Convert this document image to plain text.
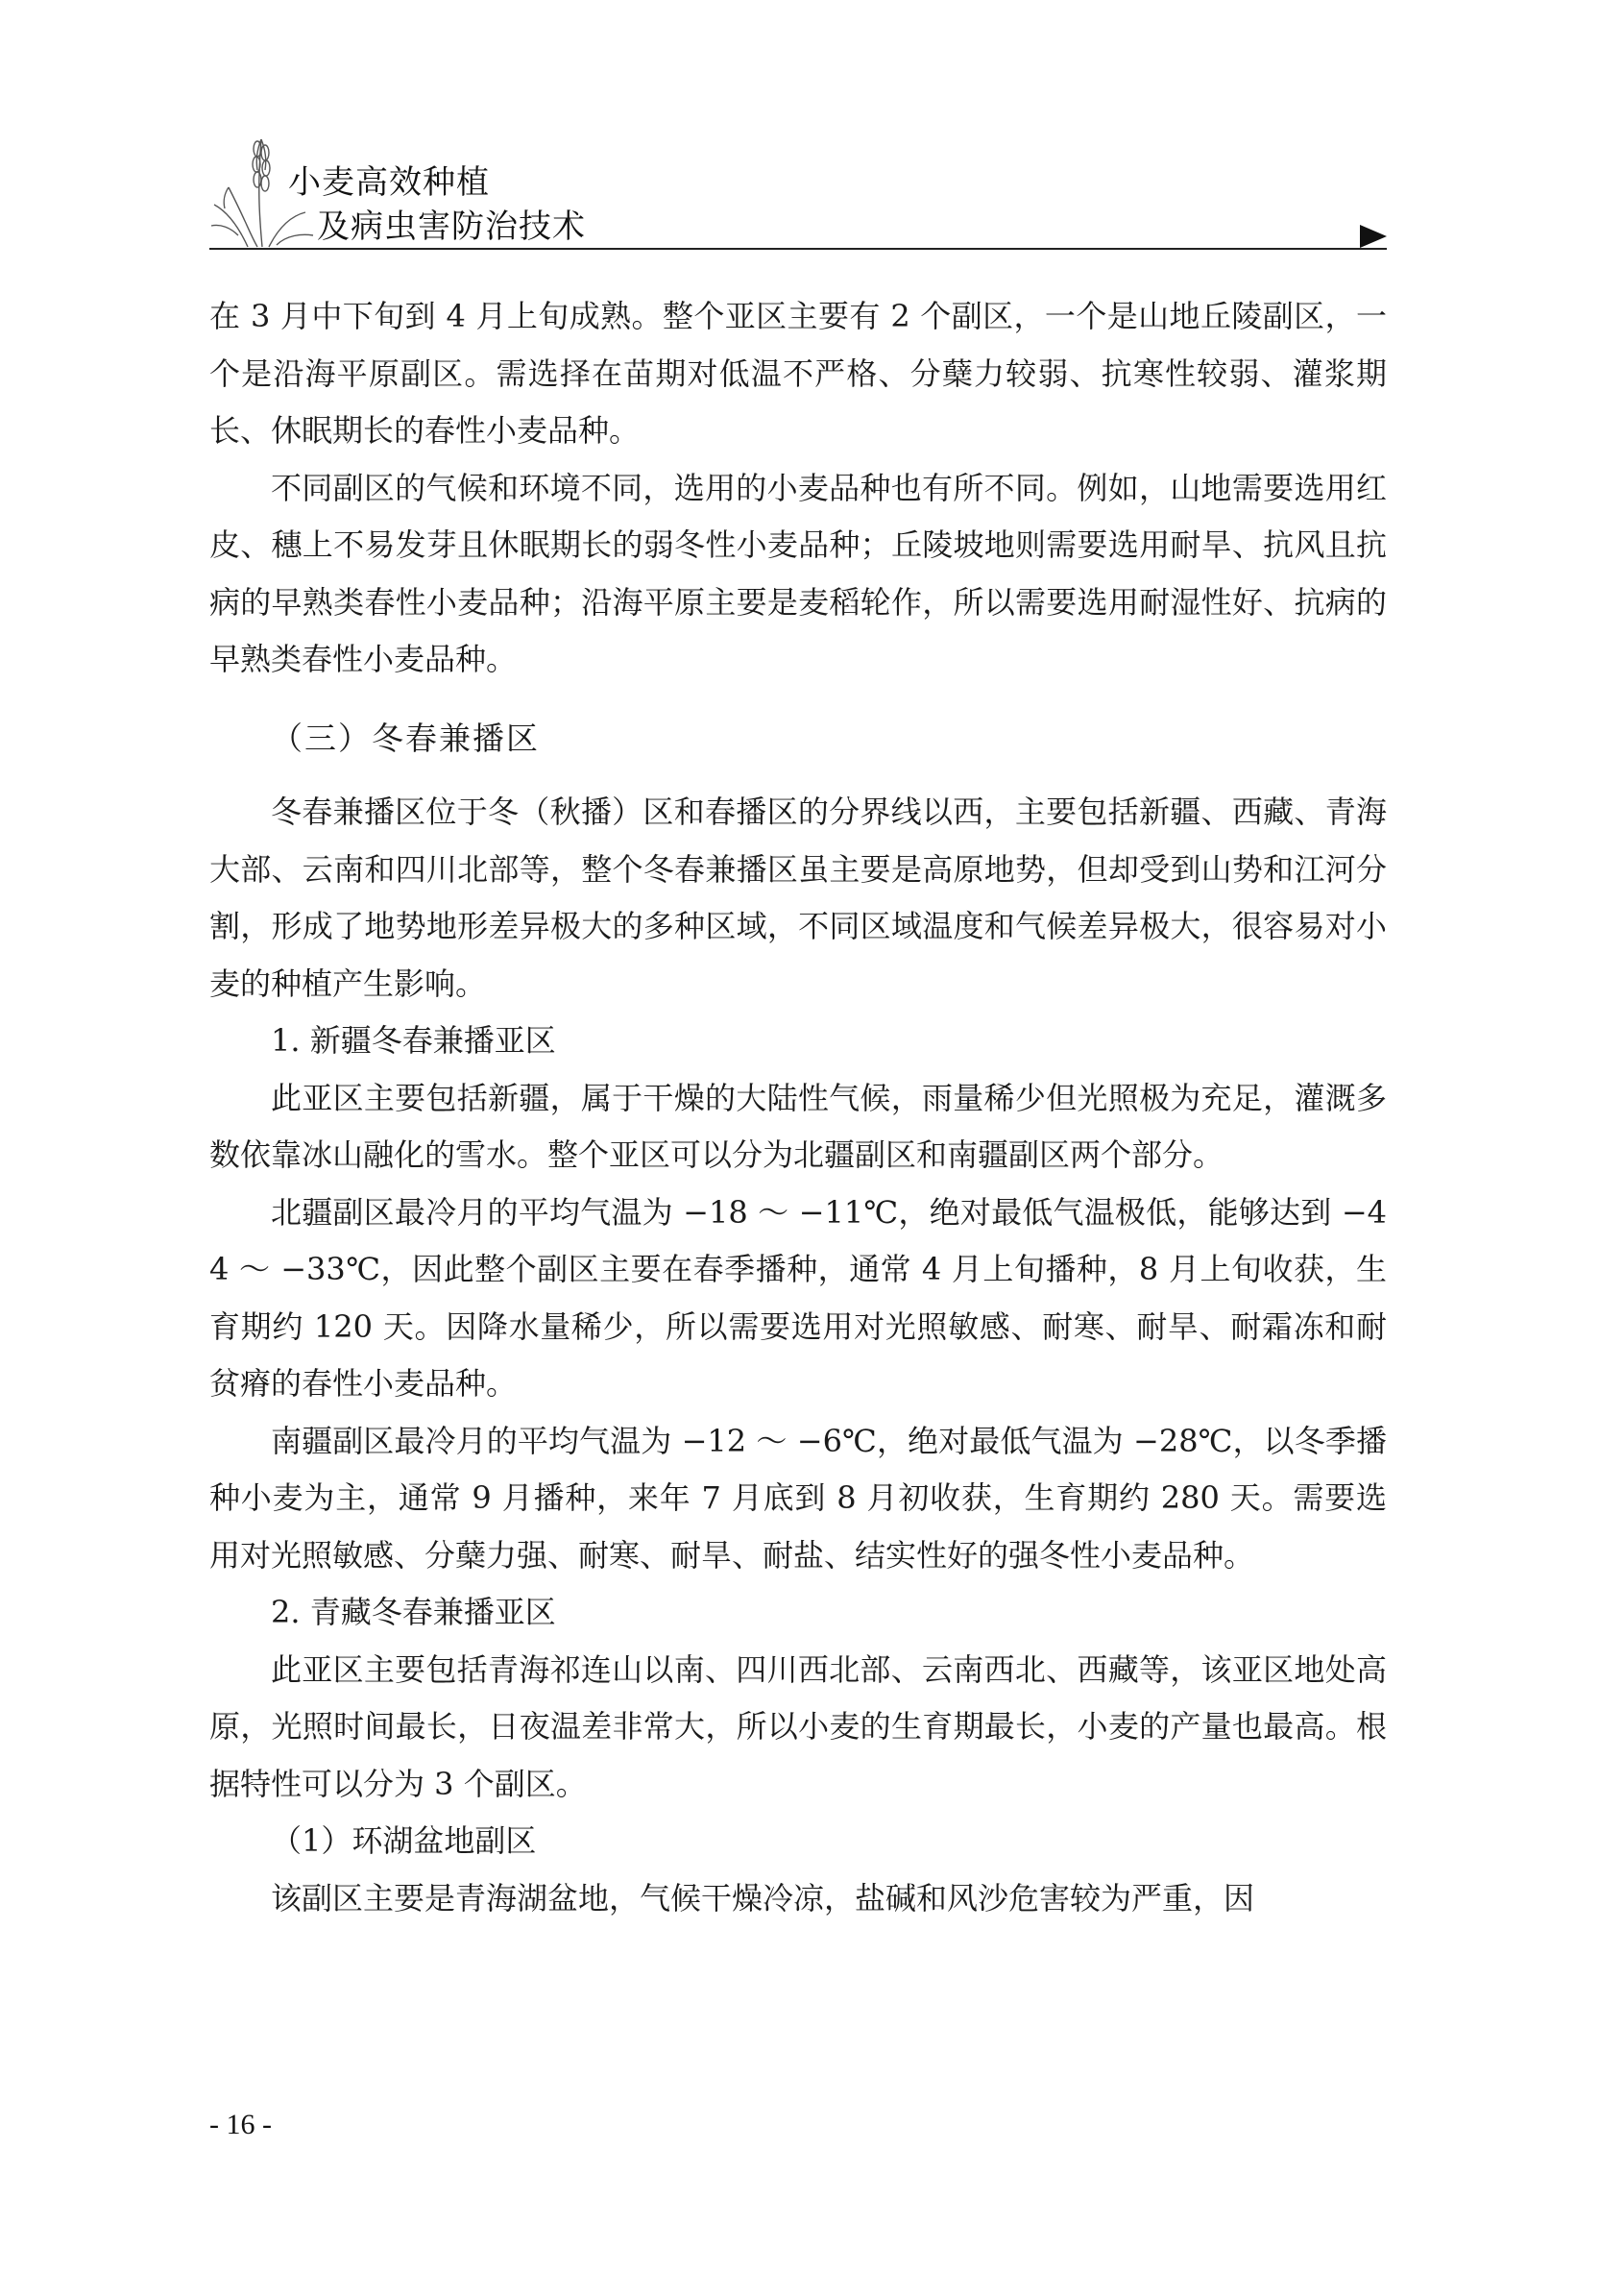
小麦高效种植
及病虫害防治技术

在 3 月中下旬到 4 月上旬成熟。整个亚区主要有 2 个副区，一个是山地丘陵副区，一个是沿海平原副区。需选择在苗期对低温不严格、分蘖力较弱、抗寒性较弱、灌浆期长、休眠期长的春性小麦品种。

不同副区的气候和环境不同，选用的小麦品种也有所不同。例如，山地需要选用红皮、穗上不易发芽且休眠期长的弱冬性小麦品种；丘陵坡地则需要选用耐旱、抗风且抗病的早熟类春性小麦品种；沿海平原主要是麦稻轮作，所以需要选用耐湿性好、抗病的早熟类春性小麦品种。

（三）冬春兼播区

冬春兼播区位于冬（秋播）区和春播区的分界线以西，主要包括新疆、西藏、青海大部、云南和四川北部等，整个冬春兼播区虽主要是高原地势，但却受到山势和江河分割，形成了地势地形差异极大的多种区域，不同区域温度和气候差异极大，很容易对小麦的种植产生影响。

1. 新疆冬春兼播亚区

此亚区主要包括新疆，属于干燥的大陆性气候，雨量稀少但光照极为充足，灌溉多数依靠冰山融化的雪水。整个亚区可以分为北疆副区和南疆副区两个部分。

北疆副区最冷月的平均气温为 −18 ～ −11℃，绝对最低气温极低，能够达到 −44 ～ −33℃，因此整个副区主要在春季播种，通常 4 月上旬播种，8 月上旬收获，生育期约 120 天。因降水量稀少，所以需要选用对光照敏感、耐寒、耐旱、耐霜冻和耐贫瘠的春性小麦品种。

南疆副区最冷月的平均气温为 −12 ～ −6℃，绝对最低气温为 −28℃，以冬季播种小麦为主，通常 9 月播种，来年 7 月底到 8 月初收获，生育期约 280 天。需要选用对光照敏感、分蘖力强、耐寒、耐旱、耐盐、结实性好的强冬性小麦品种。

2. 青藏冬春兼播亚区

此亚区主要包括青海祁连山以南、四川西北部、云南西北、西藏等，该亚区地处高原，光照时间最长，日夜温差非常大，所以小麦的生育期最长，小麦的产量也最高。根据特性可以分为 3 个副区。

（1）环湖盆地副区

该副区主要是青海湖盆地，气候干燥冷凉，盐碱和风沙危害较为严重，因

- 16 -
